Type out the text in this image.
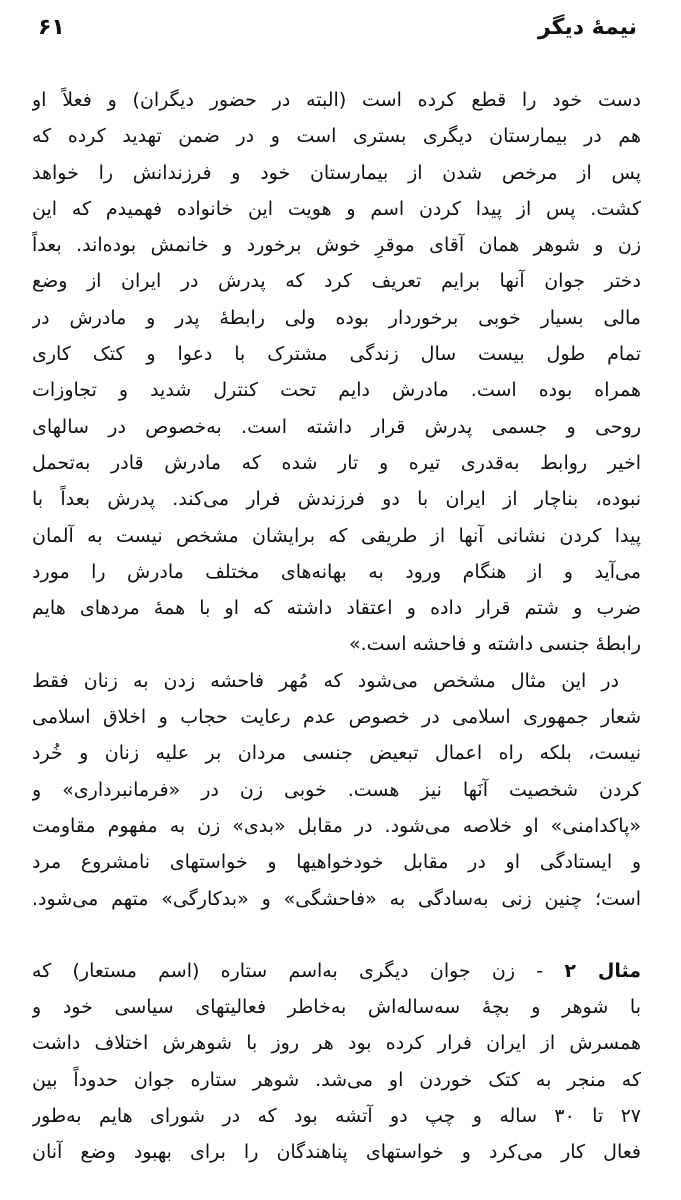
نیمهٔ دیگر
۶۱
دست خود را قطع کرده است (البته در حضور دیگران) و فعلاً او
هم در بیمارستان دیگری بستری است و در ضمن تهدید کرده که
پس از مرخص شدن از بیمارستان خود و فرزندانش را خواهد
کشت. پس از پیدا کردن اسم و هویت این خانواده فهمیدم که این
زن و شوهر همان آقای موقرِ خوش برخورد و خانمش بوده‌اند. بعداً
دختر جوان آنها برایم تعریف کرد که پدرش در ایران از وضع
مالی بسیار خوبی برخوردار بوده ولی رابطهٔ پدر و مادرش در
تمام طول بیست سال زندگی مشترک با دعوا و کتک کاری
همراه بوده است. مادرش دایم تحت کنترل شدید و تجاوزات
روحی و جسمی پدرش قرار داشته است. به‌خصوص در سالهای
اخیر روابط به‌قدری تیره و تار شده که مادرش قادر به‌تحمل
نبوده، بناچار از ایران با دو فرزندش فرار می‌کند. پدرش بعداً با
پیدا کردن نشانی آنها از طریقی که برایشان مشخص نیست به آلمان
می‌آید و از هنگام ورود به بهانه‌های مختلف مادرش را مورد
ضرب و شتم قرار داده و اعتقاد داشته که او با همهٔ مردهای هایم
رابطهٔ جنسی داشته و فاحشه است.»
در این مثال مشخص می‌شود که مُهر فاحشه زدن به زنان فقط
شعار جمهوری اسلامی در خصوص عدم رعایت حجاب و اخلاق اسلامی
نیست، بلکه راه اعمال تبعیض جنسی مردان بر علیه زنان و خُرد
کردن شخصیت آنَها نیز هست. خوبی زن در «فرمانبرداری» و
«پاکدامنی» او خلاصه می‌شود. در مقابل «بدی» زن به مفهوم مقاومت
و ایستادگی او در مقابل خودخواهیها و خواستهای نامشروع مرد
است؛ چنین زنی به‌سادگی به «فاحشگی» و «بدکارگی» متهم می‌شود.
مثال ۲ - زن جوان دیگری به‌اسم ستاره (اسم مستعار) که
با شوهر و بچهٔ سه‌ساله‌اش به‌خاطر فعالیتهای سیاسی خود و
همسرش از ایران فرار کرده بود هر روز با شوهرش اختلاف داشت
که منجر به کتک خوردن او می‌شد. شوهر ستاره جوان حدوداً بین
۲۷ تا ۳۰ ساله و چپ دو آتشه بود که در شورای هایم به‌طور
فعال کار می‌کرد و خواستهای پناهندگان را برای بهبود وضع آنان
